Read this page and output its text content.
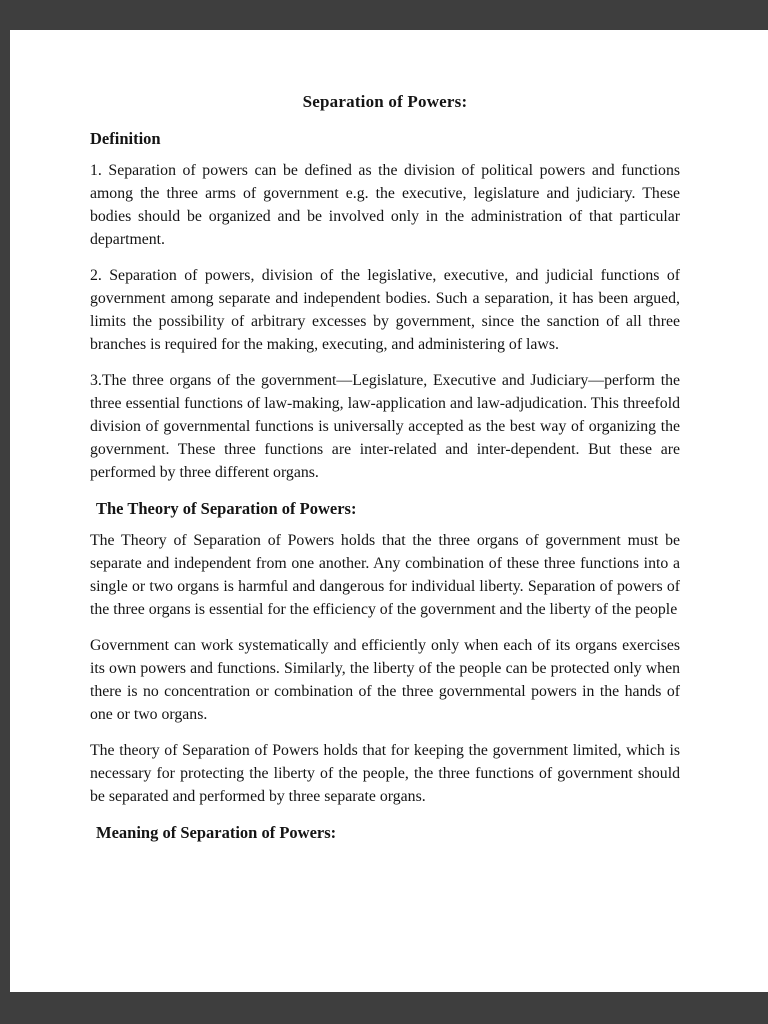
Separation of Powers:
Definition

1. Separation of powers can be defined as the division of political powers and functions among the three arms of government e.g. the executive, legislature and judiciary. These bodies should be organized and be involved only in the administration of that particular department.

2. Separation of powers, division of the legislative, executive, and judicial functions of government among separate and independent bodies. Such a separation, it has been argued, limits the possibility of arbitrary excesses by government, since the sanction of all three branches is required for the making, executing, and administering of laws.

3.The three organs of the government—Legislature, Executive and Judiciary—perform the three essential functions of law-making, law-application and law-adjudication. This threefold division of governmental functions is universally accepted as the best way of organizing the government. These three functions are inter-related and inter-dependent. But these are performed by three different organs.

The Theory of Separation of Powers:

The Theory of Separation of Powers holds that the three organs of government must be separate and independent from one another. Any combination of these three functions into a single or two organs is harmful and dangerous for individual liberty. Separation of powers of the three organs is essential for the efficiency of the government and the liberty of the people

Government can work systematically and efficiently only when each of its organs exercises its own powers and functions. Similarly, the liberty of the people can be protected only when there is no concentration or combination of the three governmental powers in the hands of one or two organs.

The theory of Separation of Powers holds that for keeping the government limited, which is necessary for protecting the liberty of the people, the three functions of government should be separated and performed by three separate organs.

Meaning of Separation of Powers:
